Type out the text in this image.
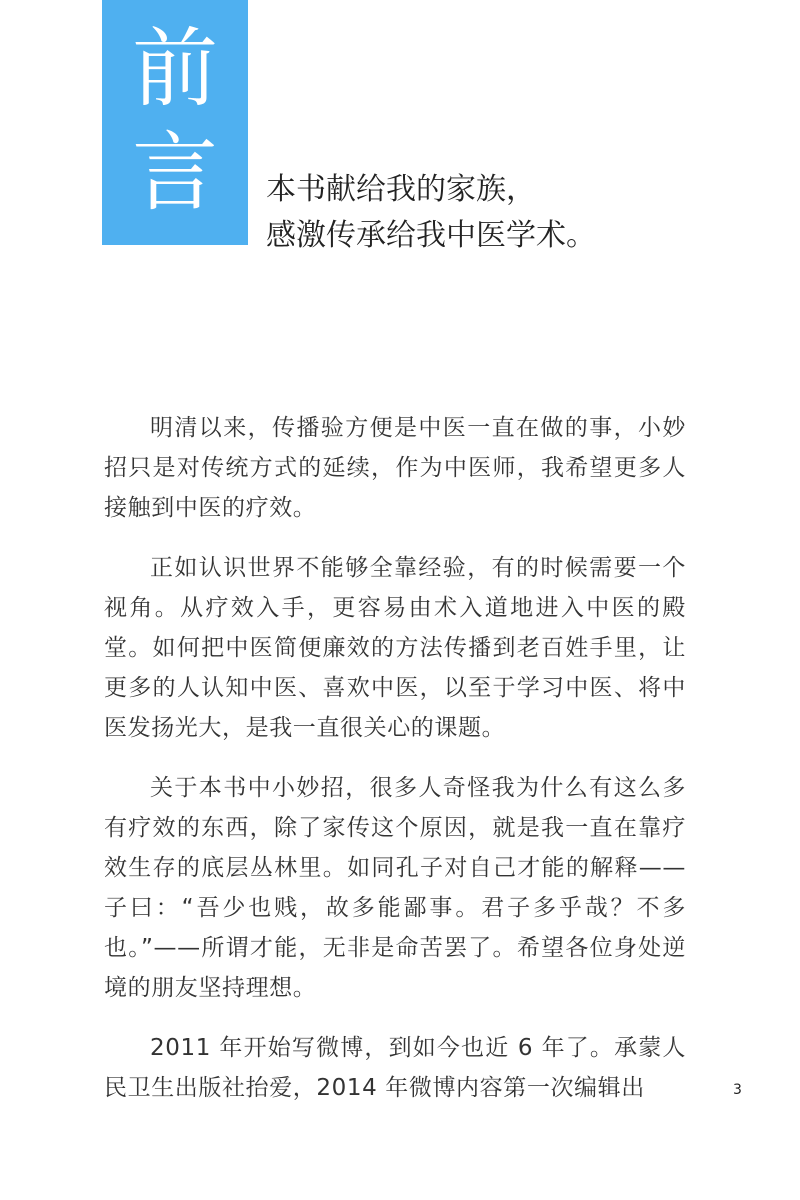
前
言 本书献给我的家族，
感激传承给我中医学术。

明清以来，传播验方便是中医一直在做的事，小妙招只是对传统方式的延续，作为中医师，我希望更多人接触到中医的疗效。

正如认识世界不能够全靠经验，有的时候需要一个视角。从疗效入手，更容易由术入道地进入中医的殿堂。如何把中医简便廉效的方法传播到老百姓手里，让更多的人认知中医、喜欢中医，以至于学习中医、将中医发扬光大，是我一直很关心的课题。

关于本书中小妙招，很多人奇怪我为什么有这么多有疗效的东西，除了家传这个原因，就是我一直在靠疗效生存的底层丛林里。如同孔子对自己才能的解释——子曰：“吾少也贱，故多能鄙事。君子多乎哉？不多也。”——所谓才能，无非是命苦罢了。希望各位身处逆境的朋友坚持理想。

2011 年开始写微博，到如今也近 6 年了。承蒙人民卫生出版社抬爱，2014 年微博内容第一次编辑出	3
